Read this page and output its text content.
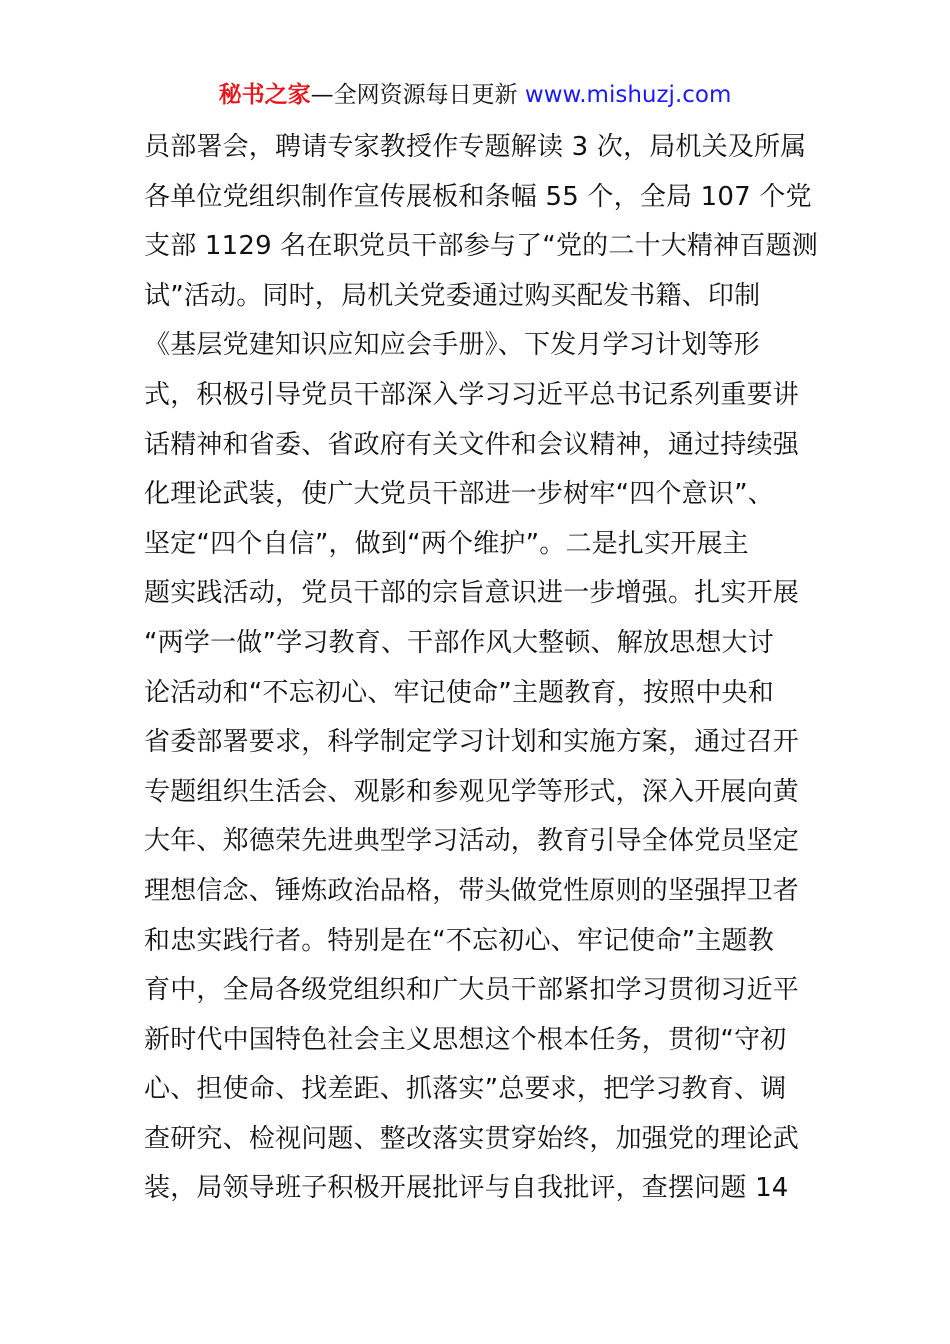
秘书之家—全网资源每日更新 www.mishuzj.com
员部署会，聘请专家教授作专题解读 3 次，局机关及所属
各单位党组织制作宣传展板和条幅 55 个，全局 107 个党
支部 1129 名在职党员干部参与了“党的二十大精神百题测
试”活动。同时，局机关党委通过购买配发书籍、印制
《基层党建知识应知应会手册》、下发月学习计划等形
式，积极引导党员干部深入学习习近平总书记系列重要讲
话精神和省委、省政府有关文件和会议精神，通过持续强
化理论武装，使广大党员干部进一步树牢“四个意识”、
坚定“四个自信”，做到“两个维护”。二是扎实开展主
题实践活动，党员干部的宗旨意识进一步增强。扎实开展
“两学一做”学习教育、干部作风大整顿、解放思想大讨
论活动和“不忘初心、牢记使命”主题教育，按照中央和
省委部署要求，科学制定学习计划和实施方案，通过召开
专题组织生活会、观影和参观见学等形式，深入开展向黄
大年、郑德荣先进典型学习活动，教育引导全体党员坚定
理想信念、锤炼政治品格，带头做党性原则的坚强捍卫者
和忠实践行者。特别是在“不忘初心、牢记使命”主题教
育中，全局各级党组织和广大员干部紧扣学习贯彻习近平
新时代中国特色社会主义思想这个根本任务，贯彻“守初
心、担使命、找差距、抓落实”总要求，把学习教育、调
查研究、检视问题、整改落实贯穿始终，加强党的理论武
装，局领导班子积极开展批评与自我批评，查摆问题 14
